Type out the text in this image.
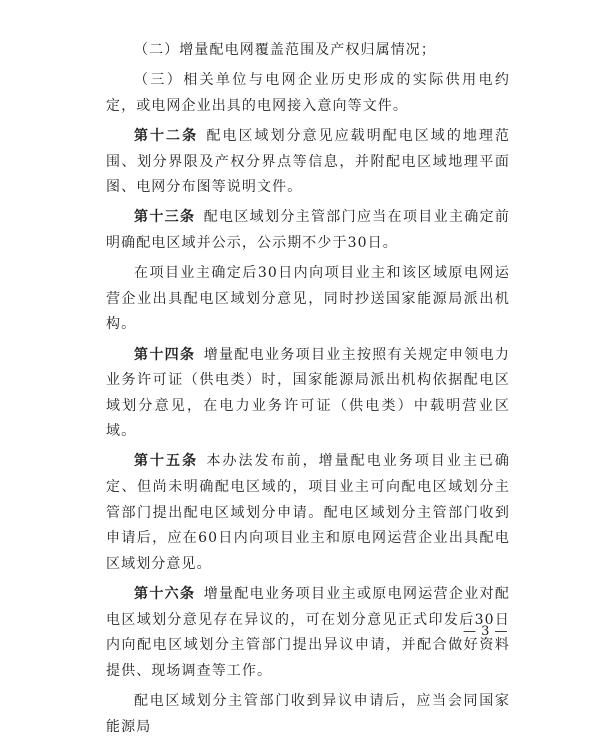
（二）增量配电网覆盖范围及产权归属情况；

（三）相关单位与电网企业历史形成的实际供用电约定，或电网企业出具的电网接入意向等文件。

第十二条 配电区域划分意见应载明配电区域的地理范围、划分界限及产权分界点等信息，并附配电区域地理平面图、电网分布图等说明文件。

第十三条 配电区域划分主管部门应当在项目业主确定前明确配电区域并公示，公示期不少于30日。

在项目业主确定后30日内向项目业主和该区域原电网运营企业出具配电区域划分意见，同时抄送国家能源局派出机构。

第十四条 增量配电业务项目业主按照有关规定申领电力业务许可证（供电类）时，国家能源局派出机构依据配电区域划分意见，在电力业务许可证（供电类）中载明营业区域。

第十五条 本办法发布前，增量配电业务项目业主已确定、但尚未明确配电区域的，项目业主可向配电区域划分主管部门提出配电区域划分申请。配电区域划分主管部门收到申请后，应在60日内向项目业主和原电网运营企业出具配电区域划分意见。

第十六条 增量配电业务项目业主或原电网运营企业对配电区域划分意见存在异议的，可在划分意见正式印发后30日内向配电区域划分主管部门提出异议申请，并配合做好资料提供、现场调查等工作。

配电区域划分主管部门收到异议申请后，应当会同国家能源局

— 3 —
